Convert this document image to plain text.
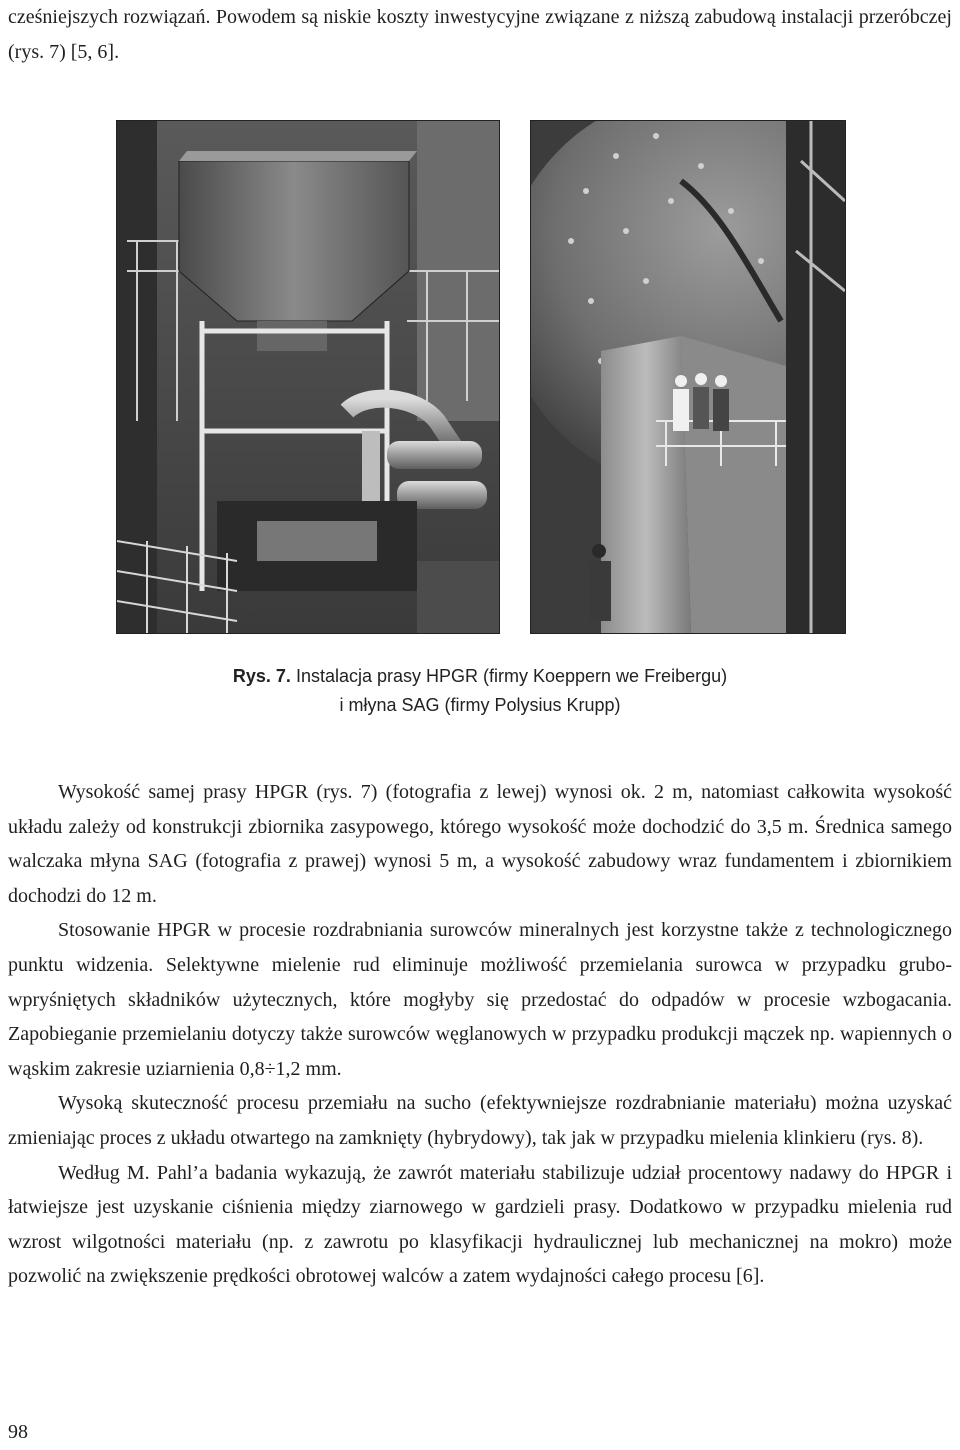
cześniejszych rozwiązań. Powodem są niskie koszty inwestycyjne związane z niższą zabudową instalacji przeróbczej (rys. 7) [5, 6].
Rys. 7. Instalacja prasy HPGR (firmy Koeppern we Freibergu)
i młyna SAG (firmy Polysius Krupp)

Wysokość samej prasy HPGR (rys. 7) (fotografia z lewej) wynosi ok. 2 m, natomiast całkowita wysokość układu zależy od konstrukcji zbiornika zasypowego, którego wysokość może dochodzić do 3,5 m. Średnica samego walczaka młyna SAG (fotografia z prawej) wynosi 5 m, a wysokość zabudowy wraz fundamentem i zbiornikiem dochodzi do 12 m.

Stosowanie HPGR w procesie rozdrabniania surowców mineralnych jest korzystne także z technologicznego punktu widzenia. Selektywne mielenie rud eliminuje możliwość przemielania surowca w przypadku grubo-wpryśniętych składników użytecznych, które mogłyby się przedostać do odpadów w procesie wzbogacania. Zapobieganie przemielaniu dotyczy także surowców węglanowych w przypadku produkcji mączek np. wapiennych o wąskim zakresie uziarnienia 0,8÷1,2 mm.

Wysoką skuteczność procesu przemiału na sucho (efektywniejsze rozdrabnianie materiału) można uzyskać zmieniając proces z układu otwartego na zamknięty (hybrydowy), tak jak w przypadku mielenia klinkieru (rys. 8).

Według M. Pahl’a badania wykazują, że zawrót materiału stabilizuje udział procentowy nadawy do HPGR i łatwiejsze jest uzyskanie ciśnienia między ziarnowego w gardzieli prasy. Dodatkowo w przypadku mielenia rud wzrost wilgotności materiału (np. z zawrotu po klasyfikacji hydraulicznej lub mechanicznej na mokro) może pozwolić na zwiększenie prędkości obrotowej walców a zatem wydajności całego procesu [6].

98
